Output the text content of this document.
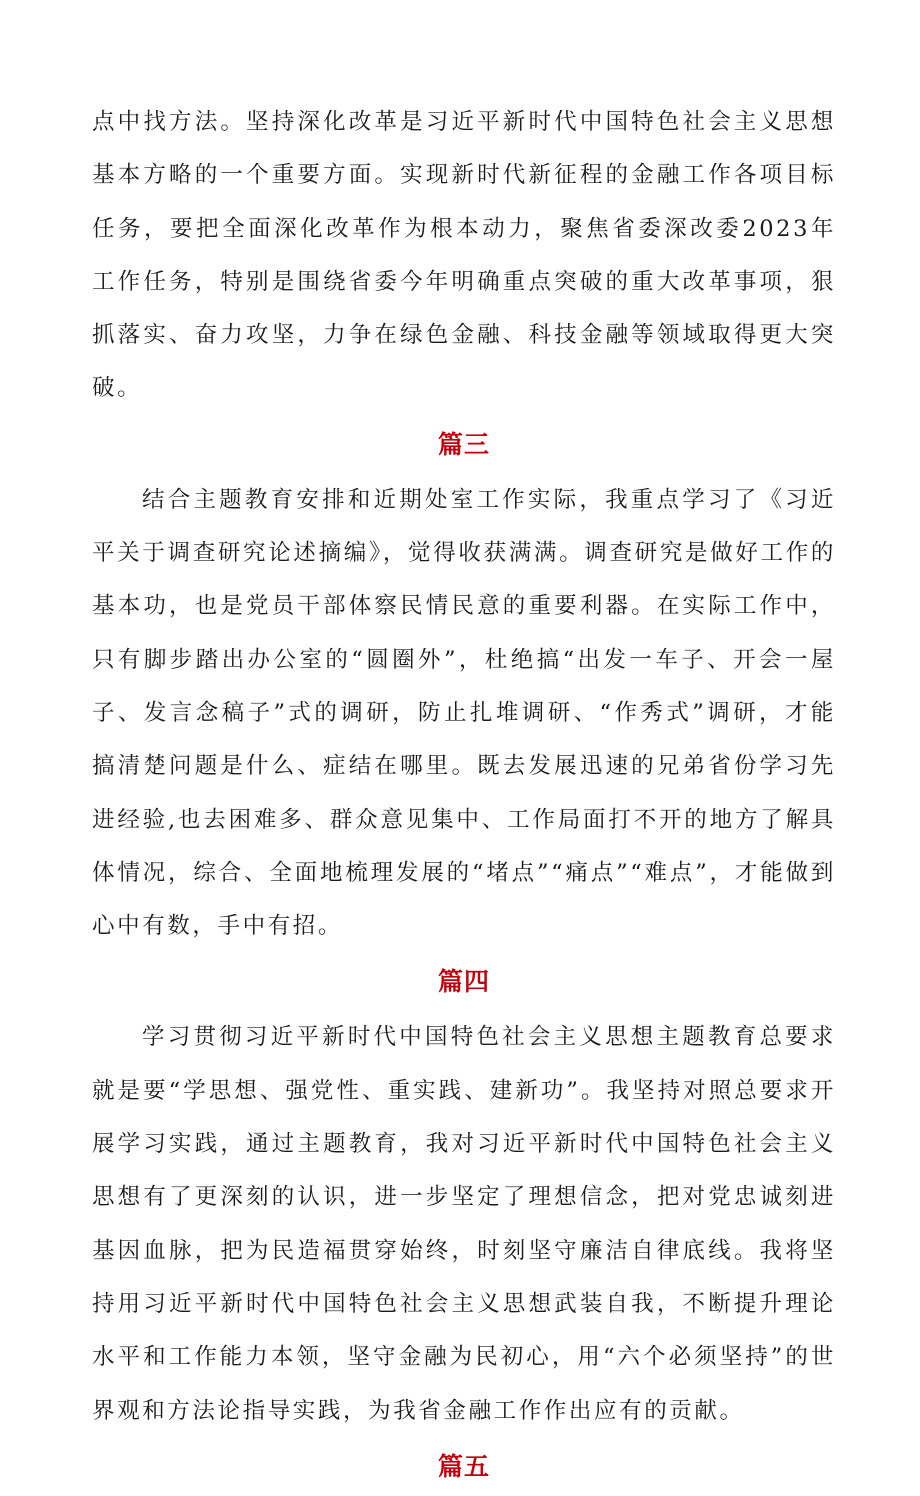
点中找方法。坚持深化改革是习近平新时代中国特色社会主义思想基本方略的一个重要方面。实现新时代新征程的金融工作各项目标任务，要把全面深化改革作为根本动力，聚焦省委深改委2023年工作任务，特别是围绕省委今年明确重点突破的重大改革事项，狠抓落实、奋力攻坚，力争在绿色金融、科技金融等领域取得更大突破。

篇三

结合主题教育安排和近期处室工作实际，我重点学习了《习近平关于调查研究论述摘编》，觉得收获满满。调查研究是做好工作的基本功，也是党员干部体察民情民意的重要利器。在实际工作中，只有脚步踏出办公室的“圆圈外”，杜绝搞“出发一车子、开会一屋子、发言念稿子”式的调研，防止扎堆调研、“作秀式”调研，才能搞清楚问题是什么、症结在哪里。既去发展迅速的兄弟省份学习先进经验,也去困难多、群众意见集中、工作局面打不开的地方了解具体情况，综合、全面地梳理发展的“堵点”“痛点”“难点”，才能做到心中有数，手中有招。

篇四

学习贯彻习近平新时代中国特色社会主义思想主题教育总要求就是要“学思想、强党性、重实践、建新功”。我坚持对照总要求开展学习实践，通过主题教育，我对习近平新时代中国特色社会主义思想有了更深刻的认识，进一步坚定了理想信念，把对党忠诚刻进基因血脉，把为民造福贯穿始终，时刻坚守廉洁自律底线。我将坚持用习近平新时代中国特色社会主义思想武装自我，不断提升理论水平和工作能力本领，坚守金融为民初心，用“六个必须坚持”的世界观和方法论指导实践，为我省金融工作作出应有的贡献。

篇五
